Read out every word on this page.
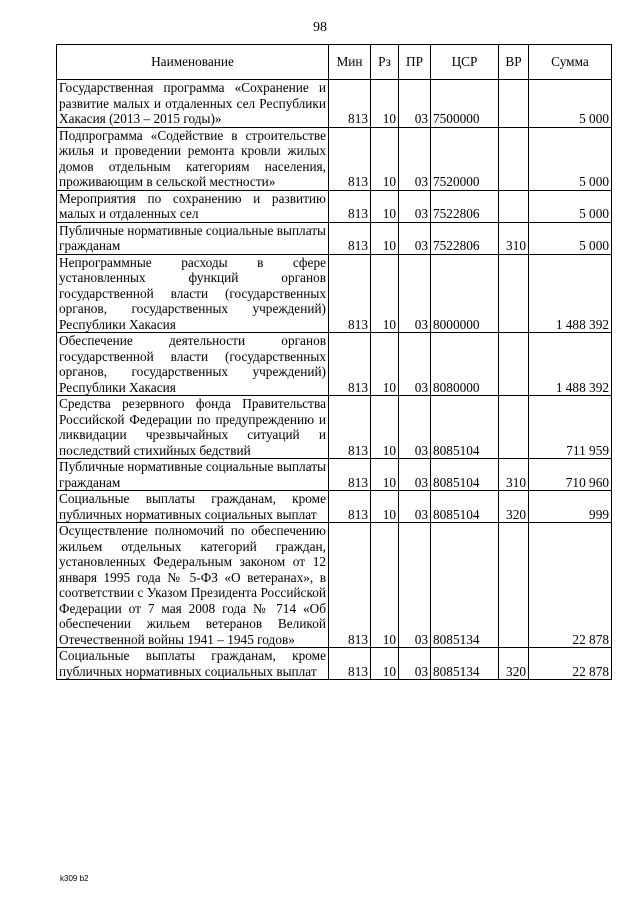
98
Наименование	Мин	Рз	ПР	ЦСР	ВР	Сумма
Государственная программа «Сохранение и развитие малых и отдаленных сел Республики Хакасия (2013 – 2015 годы)»	813	10	03	7500000		5 000
Подпрограмма «Содействие в строительстве жилья и проведении ремонта кровли жилых домов отдельным категориям населения, проживающим в сельской местности»	813	10	03	7520000		5 000
Мероприятия по сохранению и развитию малых и отдаленных сел	813	10	03	7522806		5 000
Публичные нормативные социальные выплаты гражданам	813	10	03	7522806	310	5 000
Непрограммные расходы в сфере установленных функций органов государственной власти (государственных органов, государственных учреждений) Республики Хакасия	813	10	03	8000000		1 488 392
Обеспечение деятельности органов государственной власти (государственных органов, государственных учреждений) Республики Хакасия	813	10	03	8080000		1 488 392
Средства резервного фонда Правительства Российской Федерации по предупреждению и ликвидации чрезвычайных ситуаций и последствий стихийных бедствий	813	10	03	8085104		711 959
Публичные нормативные социальные выплаты гражданам	813	10	03	8085104	310	710 960
Социальные выплаты гражданам, кроме публичных нормативных социальных выплат	813	10	03	8085104	320	999
Осуществление полномочий по обеспечению жильем отдельных категорий граждан, установленных Федеральным законом от 12 января 1995 года № 5-ФЗ «О ветеранах», в соответствии с Указом Президента Российской Федерации от 7 мая 2008 года № 714 «Об обеспечении жильем ветеранов Великой Отечественной войны 1941 – 1945 годов»	813	10	03	8085134		22 878
Социальные выплаты гражданам, кроме публичных нормативных социальных выплат	813	10	03	8085134	320	22 878
k309 b2
